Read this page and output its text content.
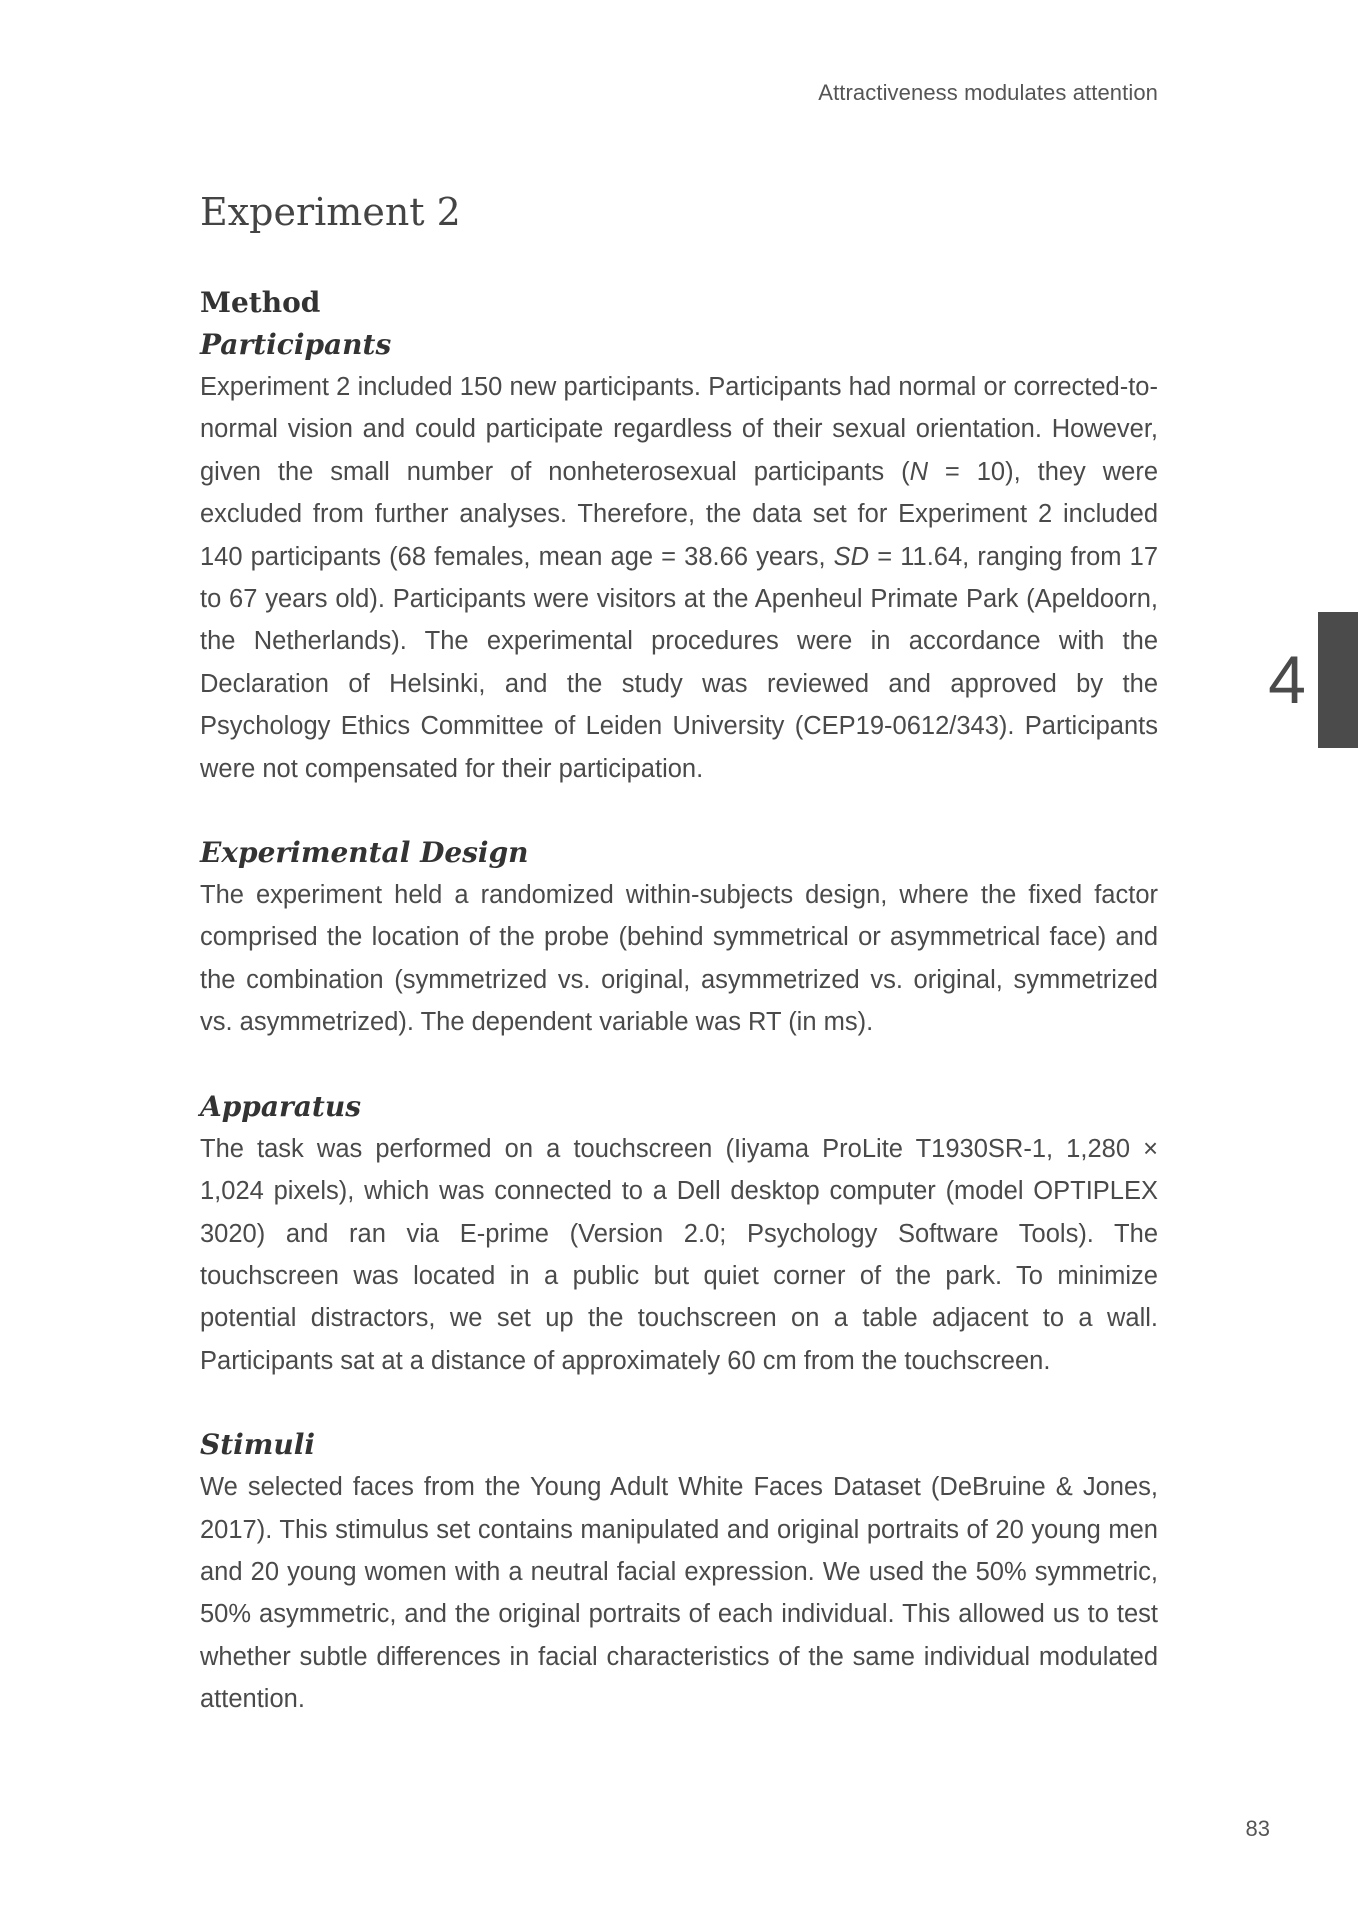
Attractiveness modulates attention
4
Experiment 2
Method
Participants

Experiment 2 included 150 new participants. Participants had normal or corrected-to-normal vision and could participate regardless of their sexual orientation. However, given the small number of nonheterosexual participants (N = 10), they were excluded from further analyses. Therefore, the data set for Experiment 2 included 140 participants (68 females, mean age = 38.66 years, SD = 11.64, ranging from 17 to 67 years old). Participants were visitors at the Apenheul Primate Park (Apeldoorn, the Netherlands). The experimental procedures were in accordance with the Declaration of Helsinki, and the study was reviewed and approved by the Psychology Ethics Committee of Leiden University (CEP19-0612/343). Participants were not compensated for their participation.

Experimental Design

The experiment held a randomized within-subjects design, where the fixed factor comprised the location of the probe (behind symmetrical or asymmetrical face) and the combination (symmetrized vs. original, asymmetrized vs. original, symmetrized vs. asymmetrized). The dependent variable was RT (in ms).

Apparatus

The task was performed on a touchscreen (Iiyama ProLite T1930SR-1, 1,280 × 1,024 pixels), which was connected to a Dell desktop computer (model OPTIPLEX 3020) and ran via E-prime (Version 2.0; Psychology Software Tools). The touchscreen was located in a public but quiet corner of the park. To minimize potential distractors, we set up the touchscreen on a table adjacent to a wall. Participants sat at a distance of approximately 60 cm from the touchscreen.

Stimuli

We selected faces from the Young Adult White Faces Dataset (DeBruine & Jones, 2017). This stimulus set contains manipulated and original portraits of 20 young men and 20 young women with a neutral facial expression. We used the 50% symmetric, 50% asymmetric, and the original portraits of each individual. This allowed us to test whether subtle differences in facial characteristics of the same individual modulated attention.

83
